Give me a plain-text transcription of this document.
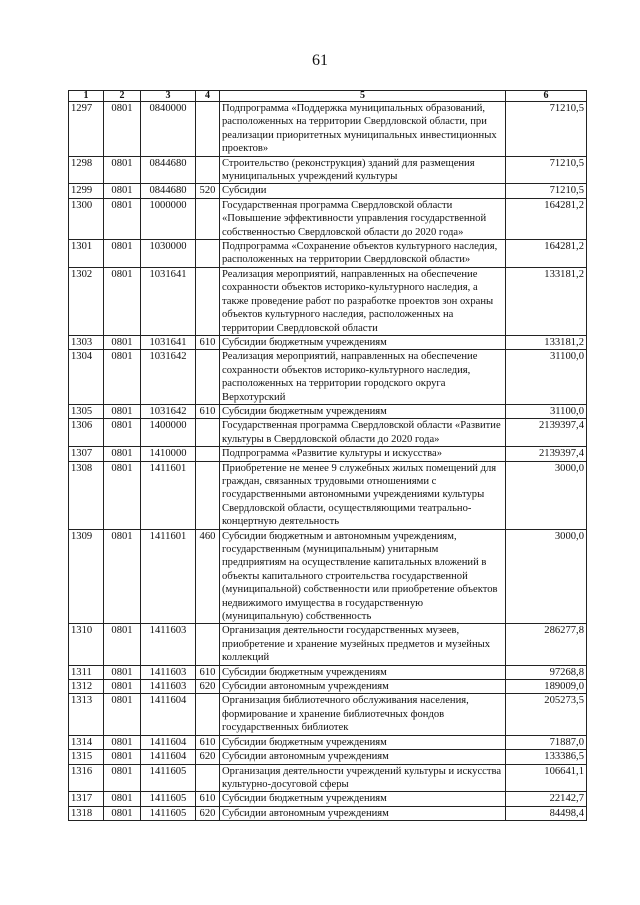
61
1	2	3	4	5	6
1297	0801	0840000		Подпрограмма «Поддержка муниципальных образований, расположенных на территории Свердловской области, при реализации приоритетных муниципальных инвестиционных проектов»	71210,5
1298	0801	0844680		Строительство (реконструкция) зданий для размещения муниципальных учреждений культуры	71210,5
1299	0801	0844680	520	Субсидии	71210,5
1300	0801	1000000		Государственная программа Свердловской области «Повышение эффективности управления государственной собственностью Свердловской области до 2020 года»	164281,2
1301	0801	1030000		Подпрограмма «Сохранение объектов культурного наследия, расположенных на территории Свердловской области»	164281,2
1302	0801	1031641		Реализация мероприятий, направленных на обеспечение сохранности объектов историко-культурного наследия, а также проведение работ по разработке проектов зон охраны объектов культурного наследия, расположенных на территории Свердловской области	133181,2
1303	0801	1031641	610	Субсидии бюджетным учреждениям	133181,2
1304	0801	1031642		Реализация мероприятий, направленных на обеспечение сохранности объектов историко-культурного наследия, расположенных на территории городского округа Верхотурский	31100,0
1305	0801	1031642	610	Субсидии бюджетным учреждениям	31100,0
1306	0801	1400000		Государственная программа Свердловской области «Развитие культуры в Свердловской области до 2020 года»	2139397,4
1307	0801	1410000		Подпрограмма «Развитие культуры и искусства»	2139397,4
1308	0801	1411601		Приобретение не менее 9 служебных жилых помещений для граждан, связанных трудовыми отношениями с государственными автономными учреждениями культуры Свердловской области, осуществляющими театрально-концертную деятельность	3000,0
1309	0801	1411601	460	Субсидии бюджетным и автономным учреждениям, государственным (муниципальным) унитарным предприятиям на осуществление капитальных вложений в объекты капитального строительства государственной (муниципальной) собственности или приобретение объектов недвижимого имущества в государственную (муниципальную) собственность	3000,0
1310	0801	1411603		Организация деятельности государственных музеев, приобретение и хранение музейных предметов и музейных коллекций	286277,8
1311	0801	1411603	610	Субсидии бюджетным учреждениям	97268,8
1312	0801	1411603	620	Субсидии автономным учреждениям	189009,0
1313	0801	1411604		Организация библиотечного обслуживания населения, формирование и хранение библиотечных фондов государственных библиотек	205273,5
1314	0801	1411604	610	Субсидии бюджетным учреждениям	71887,0
1315	0801	1411604	620	Субсидии автономным учреждениям	133386,5
1316	0801	1411605		Организация деятельности учреждений культуры и искусства культурно-досуговой сферы	106641,1
1317	0801	1411605	610	Субсидии бюджетным учреждениям	22142,7
1318	0801	1411605	620	Субсидии автономным учреждениям	84498,4
